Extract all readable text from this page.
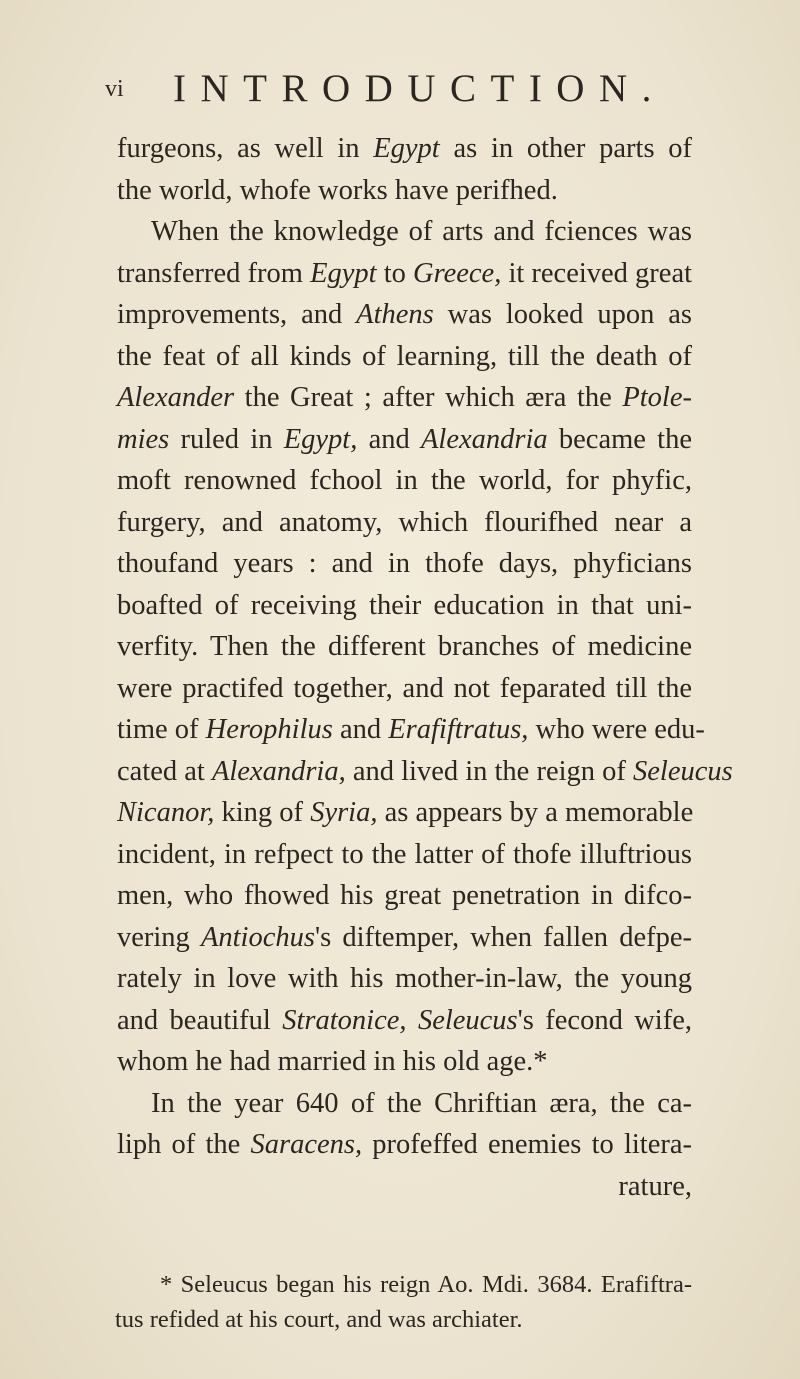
vi INTRODUCTION.
furgeons, as well in Egypt as in other parts of
the world, whofe works have perifhed.
When the knowledge of arts and fciences was
transferred from Egypt to Greece, it received great
improvements, and Athens was looked upon as
the feat of all kinds of learning, till the death of
Alexander the Great ; after which æra the Ptole-
mies ruled in Egypt, and Alexandria became the
moft renowned fchool in the world, for phyfic,
furgery, and anatomy, which flourifhed near a
thoufand years : and in thofe days, phyficians
boafted of receiving their education in that uni-
verfity. Then the different branches of medicine
were practifed together, and not feparated till the
time of Herophilus and Erafiftratus, who were edu-
cated at Alexandria, and lived in the reign of Seleucus
Nicanor, king of Syria, as appears by a memorable
incident, in refpect to the latter of thofe illuftrious
men, who fhowed his great penetration in difco-
vering Antiochus's diftemper, when fallen defpe-
rately in love with his mother-in-law, the young
and beautiful Stratonice, Seleucus's fecond wife,
whom he had married in his old age.*
In the year 640 of the Chriftian æra, the ca-
liph of the Saracens, profeffed enemies to litera-
rature,
* Seleucus began his reign Ao. Mdi. 3684. Erafiftra-
tus refided at his court, and was archiater.
